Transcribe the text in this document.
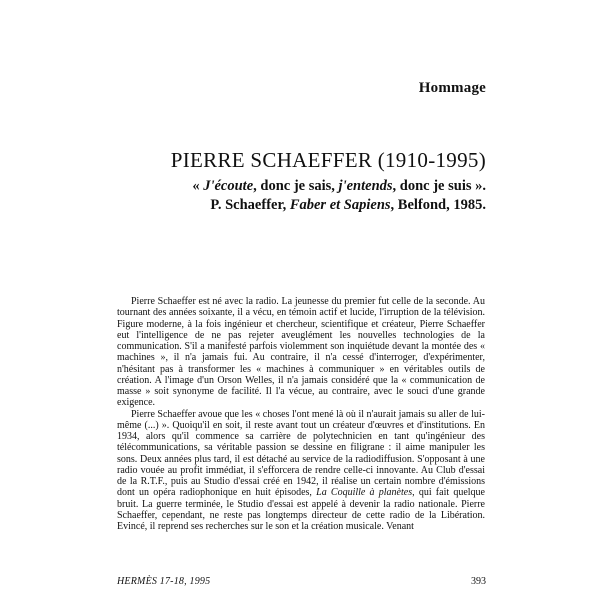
Hommage
PIERRE SCHAEFFER (1910-1995)
« J'écoute, donc je sais, j'entends, donc je suis ».
P. Schaeffer, Faber et Sapiens, Belfond, 1985.

Pierre Schaeffer est né avec la radio. La jeunesse du premier fut celle de la seconde. Au tournant des années soixante, il a vécu, en témoin actif et lucide, l'irruption de la télévision. Figure moderne, à la fois ingénieur et chercheur, scientifique et créateur, Pierre Schaeffer eut l'intelligence de ne pas rejeter aveuglément les nouvelles technologies de la communication. S'il a manifesté parfois violemment son inquiétude devant la montée des « machines », il n'a jamais fui. Au contraire, il n'a cessé d'interroger, d'expérimenter, n'hésitant pas à transformer les « machines à communiquer » en véritables outils de création. A l'image d'un Orson Welles, il n'a jamais considéré que la « communication de masse » soit synonyme de facilité. Il l'a vécue, au contraire, avec le souci d'une grande exigence.

Pierre Schaeffer avoue que les « choses l'ont mené là où il n'aurait jamais su aller de lui-même (...) ». Quoiqu'il en soit, il reste avant tout un créateur d'œuvres et d'institutions. En 1934, alors qu'il commence sa carrière de polytechnicien en tant qu'ingénieur des télécommunications, sa véritable passion se dessine en filigrane : il aime manipuler les sons. Deux années plus tard, il est détaché au service de la radiodiffusion. S'opposant à une radio vouée au profit immédiat, il s'efforcera de rendre celle-ci innovante. Au Club d'essai de la R.T.F., puis au Studio d'essai créé en 1942, il réalise un certain nombre d'émissions dont un opéra radiophonique en huit épisodes, La Coquille à planètes, qui fait quelque bruit. La guerre terminée, le Studio d'essai est appelé à devenir la radio nationale. Pierre Schaeffer, cependant, ne reste pas longtemps directeur de cette radio de la Libération. Evincé, il reprend ses recherches sur le son et la création musicale. Venant

HERMÈS 17-18, 1995	393
